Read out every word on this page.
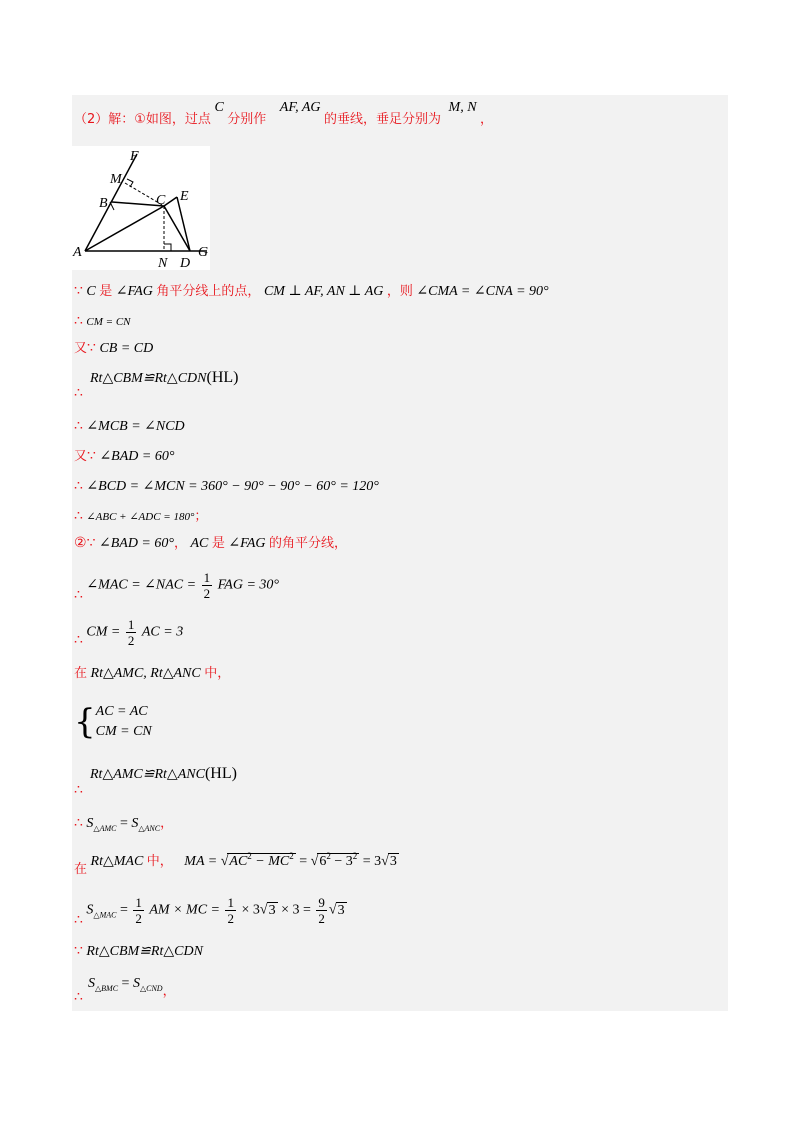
（2）解：①如图，过点 C 分别作 AF, AG 的垂线，垂足分别为 M, N ，
F
M
C E
B
A
N D
G
∵ C 是 ∠FAG 角平分线上的点， CM ⊥ AF, AN ⊥ AG ，则 ∠CMA = ∠CNA = 90°
∴ CM = CN
又∵ CB = CD
Rt△CBM≌Rt△CDN(HL)
∴
∴ ∠MCB = ∠NCD
又∵ ∠BAD = 60°
∴ ∠BCD = ∠MCN = 360° − 90° − 90° − 60° = 120°
∴ ∠ABC + ∠ADC = 180°；
②∵ ∠BAD = 60°， AC 是 ∠FAG 的角平分线，
∴ ∠MAC = ∠NAC = $\frac{1}{2}$ FAG = 30°
∴ CM = $\frac{1}{2}$ AC = 3
在 Rt△AMC, Rt△ANC 中，
{ AC = AC
CM = CN
Rt△AMC≌Rt△ANC(HL)
∴
∴ $S_{\triangle AMC} = S_{\triangle ANC}$，
在 Rt△MAC 中， MA = $√AC^2 - MC^2 = √6^2 - 3^2 = 3√3$
∴ $S_{\triangle MAC} = \frac{1}{2}$ AM × MC = $\frac{1}{2} \times 3√3 \times 3 = \frac{9}{2} √3$
∵ Rt△CBM≌Rt△CDN
$S_{\triangle BMC} = S_{\triangle CND}$，
∴
